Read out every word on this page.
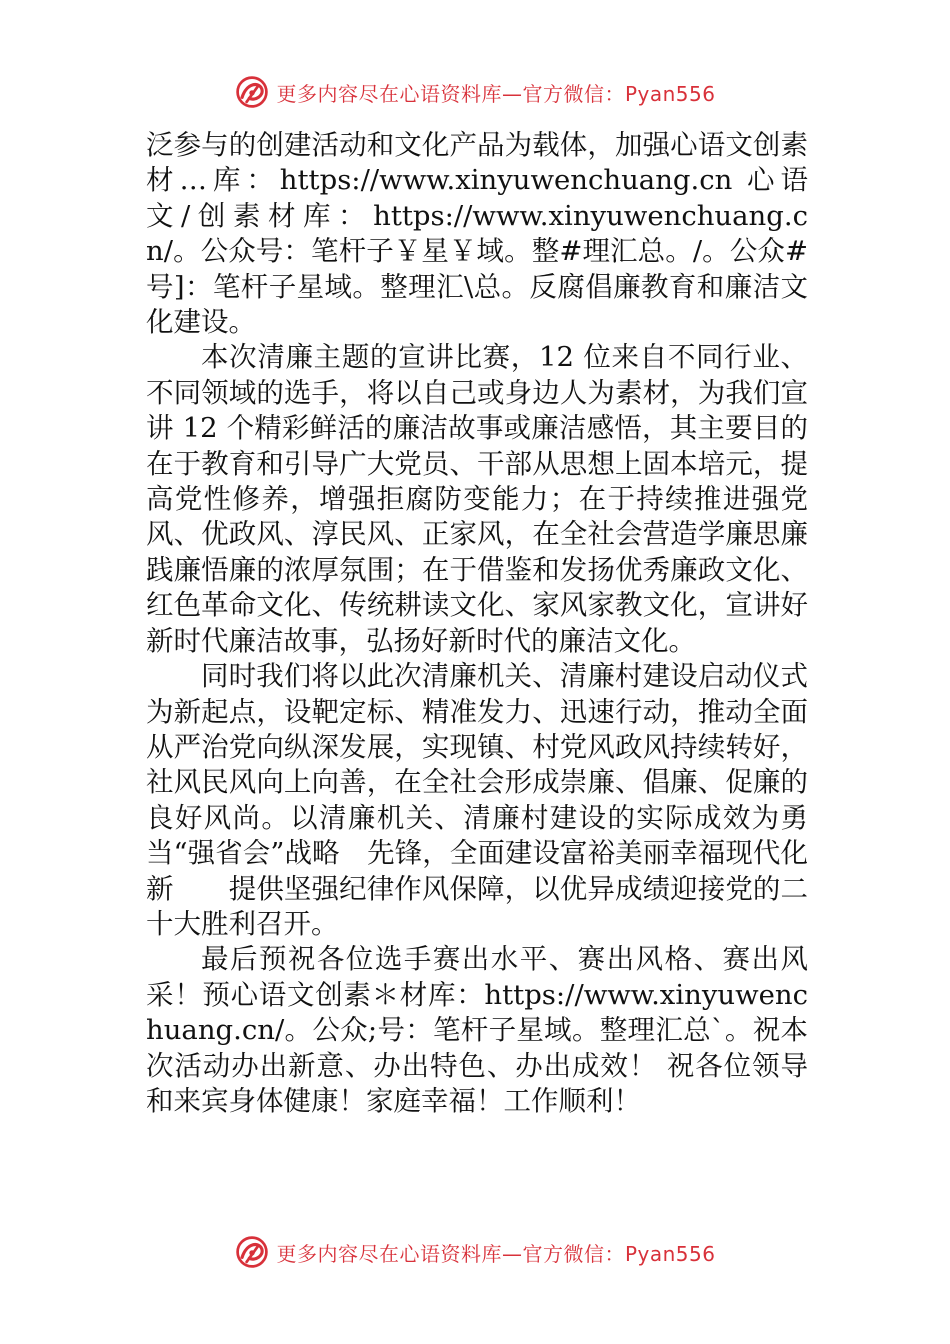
更多内容尽在心语资料库—官方微信：Pyan556

泛参与的创建活动和文化产品为载体，加强心语文创素材…库：https://www.xinyuwenchuang.cn 心语文/创素材库：https://www.xinyuwenchuang.cn/。公众号：笔杆子￥星￥域。整#理汇总。/。公众#号]：笔杆子星域。整理汇\总。反腐倡廉教育和廉洁文化建设。

本次清廉主题的宣讲比赛，12 位来自不同行业、不同领域的选手，将以自己或身边人为素材，为我们宣讲 12 个精彩鲜活的廉洁故事或廉洁感悟，其主要目的在于教育和引导广大党员、干部从思想上固本培元，提高党性修养，增强拒腐防变能力；在于持续推进强党风、优政风、淳民风、正家风，在全社会营造学廉思廉践廉悟廉的浓厚氛围；在于借鉴和发扬优秀廉政文化、红色革命文化、传统耕读文化、家风家教文化，宣讲好新时代廉洁故事，弘扬好新时代的廉洁文化。

同时我们将以此次清廉机关、清廉村建设启动仪式为新起点，设靶定标、精准发力、迅速行动，推动全面从严治党向纵深发展，实现镇、村党风政风持续转好，社风民风向上向善，在全社会形成崇廉、倡廉、促廉的良好风尚。以清廉机关、清廉村建设的实际成效为勇当“强省会”战略　先锋，全面建设富裕美丽幸福现代化新　　提供坚强纪律作风保障，以优异成绩迎接党的二十大胜利召开。

最后预祝各位选手赛出水平、赛出风格、赛出风采！预心语文创素＊材库：https://www.xinyuwenchuang.cn/。公众;号：笔杆子星域。整理汇总`。祝本次活动办出新意、办出特色、办出成效！ 祝各位领导和来宾身体健康！家庭幸福！工作顺利！

更多内容尽在心语资料库—官方微信：Pyan556
